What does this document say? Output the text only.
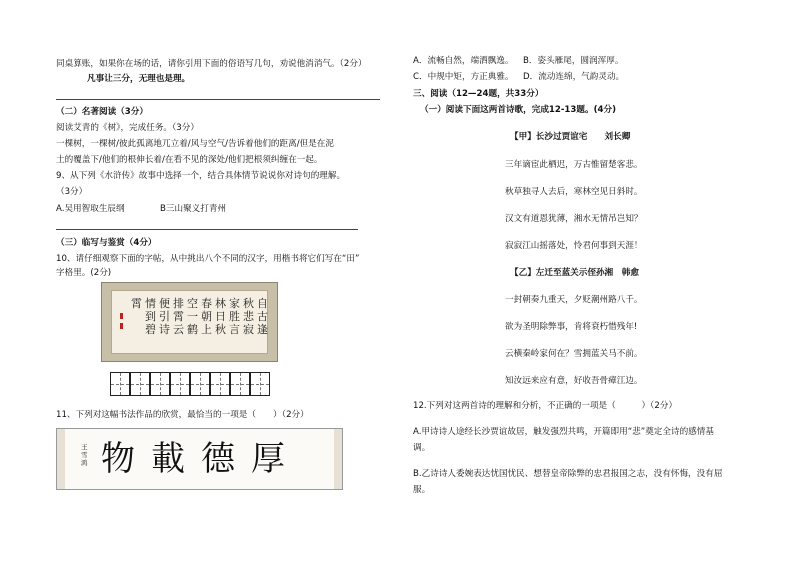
同桌算账，如果你在场的话，请你引用下面的俗语写几句，劝说他消消气。（2分）
凡事让三分，无理也是理。
（二）名著阅读（3分）
阅读艾青的《树》，完成任务。（3分）
一棵树，一棵树/彼此孤离地兀立着/风与空气/告诉着他们的距离/但是在泥
土的覆盖下/他们的根伸长着/在看不见的深处/他们把根须纠缠在一起。
9、从下列《水浒传》故事中选择一个，结合具体情节说说你对诗句的理解。
（3分）
A.吴用智取生辰纲	B三山聚义打青州
（三）临写与鉴赏（4分）
10、请仔细观察下面的字帖，从中挑出八个不同的汉字，用楷书将它们写在“田”
字格里。(2分)
自古逢
秋悲寂
家胜言
林日秋
春朝上
空一鹤
排霄云
便引诗
情到碧
霄
11、下列对这幅书法作品的欣赏，最恰当的一项是（　　）（2分）
王雪鸿 厚德載物
A．流畅自然，端洒飘逸。 B．姿头雁尾，圆润浑厚。
C．中规中矩，方正典雅。 D．流动连绵，气韵灵动。
三、阅读（12—24题，共33分）
（一）阅读下面这两首诗歌，完成12-13题。(4分)
【甲】长沙过贾谊宅　　刘长卿
三年谪宦此栖迟，万古惟留楚客悲。
秋草独寻人去后，寒林空见日斜时。
汉文有道恩犹薄，湘水无情吊岂知？
寂寂江山摇落处，怜君何事到天涯！
【乙】左迁至蓝关示侄孙湘　韩愈
一封朝奏九重天，夕贬潮州路八千。
欲为圣明除弊事，肯将衰朽惜残年!
云横秦岭家何在？雪拥蓝关马不前。
知汝远来应有意，好收吾骨瘴江边。
12.下列对这两首诗的理解和分析，不正确的一项是（　　　）（2分）
A.甲诗诗人途经长沙贾谊故居，触发强烈共鸣，开篇即用“悲”奠定全诗的感情基
调。
B.乙诗诗人委婉表达忧国忧民、想替皇帝除弊的忠君报国之志，没有怀悔，没有屈
服。
